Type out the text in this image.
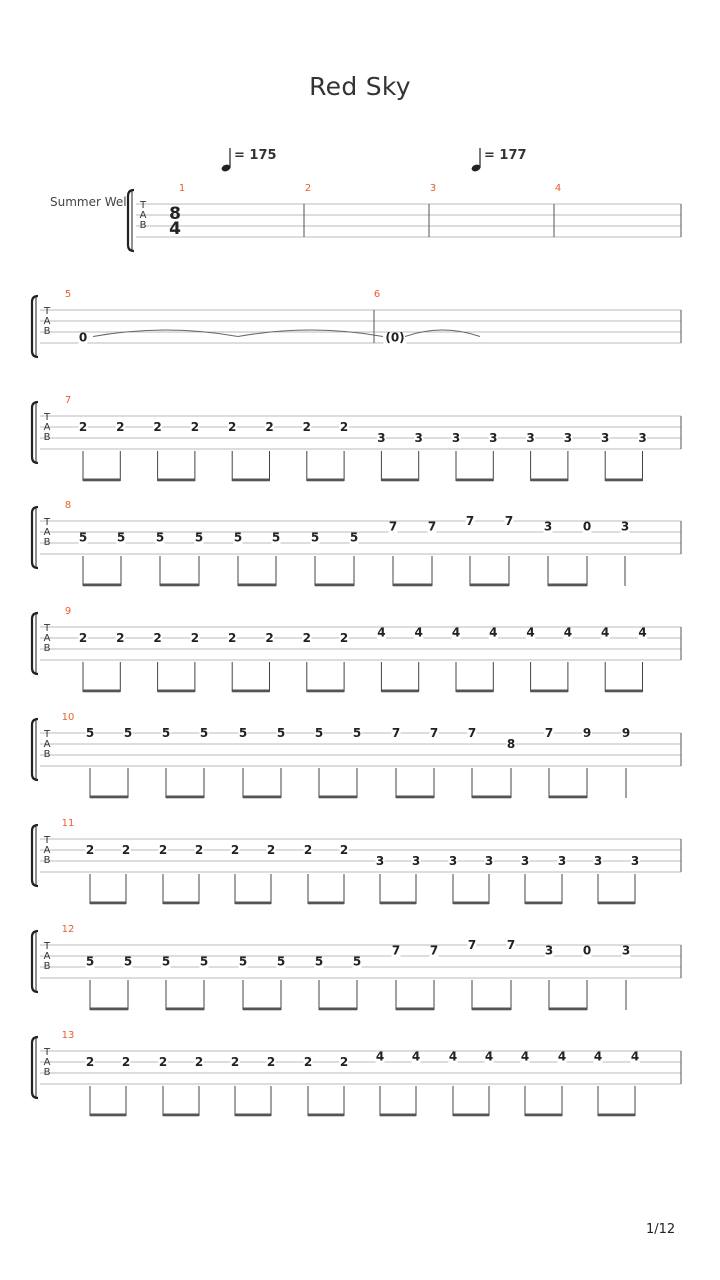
Red Sky
Summer Wel T
A
B
8
4
= 175	= 177
1	2	3	4
T
A
B
5
0
6
(0)
T
A
B
7
2 2 2 2 2 2 2 2
3 3 3 3 3 3 3 3
T
A
B
8
5 5	5	5	5 5	5	5
7	7 7	7	3	0 3
T
A
B
9
2 2 2 2 2 2 2 2 4 4 4 4 4 4 4 4
T
A
B
10
5 5 5 5	5 5 5 5	7 7 7
8
7 9	9
T
A
B
11
2 2 2 2 2 2 2 2
3 3 3 3 3 3 3 3
T
A
B
12
5 5 5 5	5 5 5 5
7 7 7	7 3 0	3
T
A
B
13
2 2 2 2 2 2 2 2 4 4 4 4 4 4 4 4
1/12
